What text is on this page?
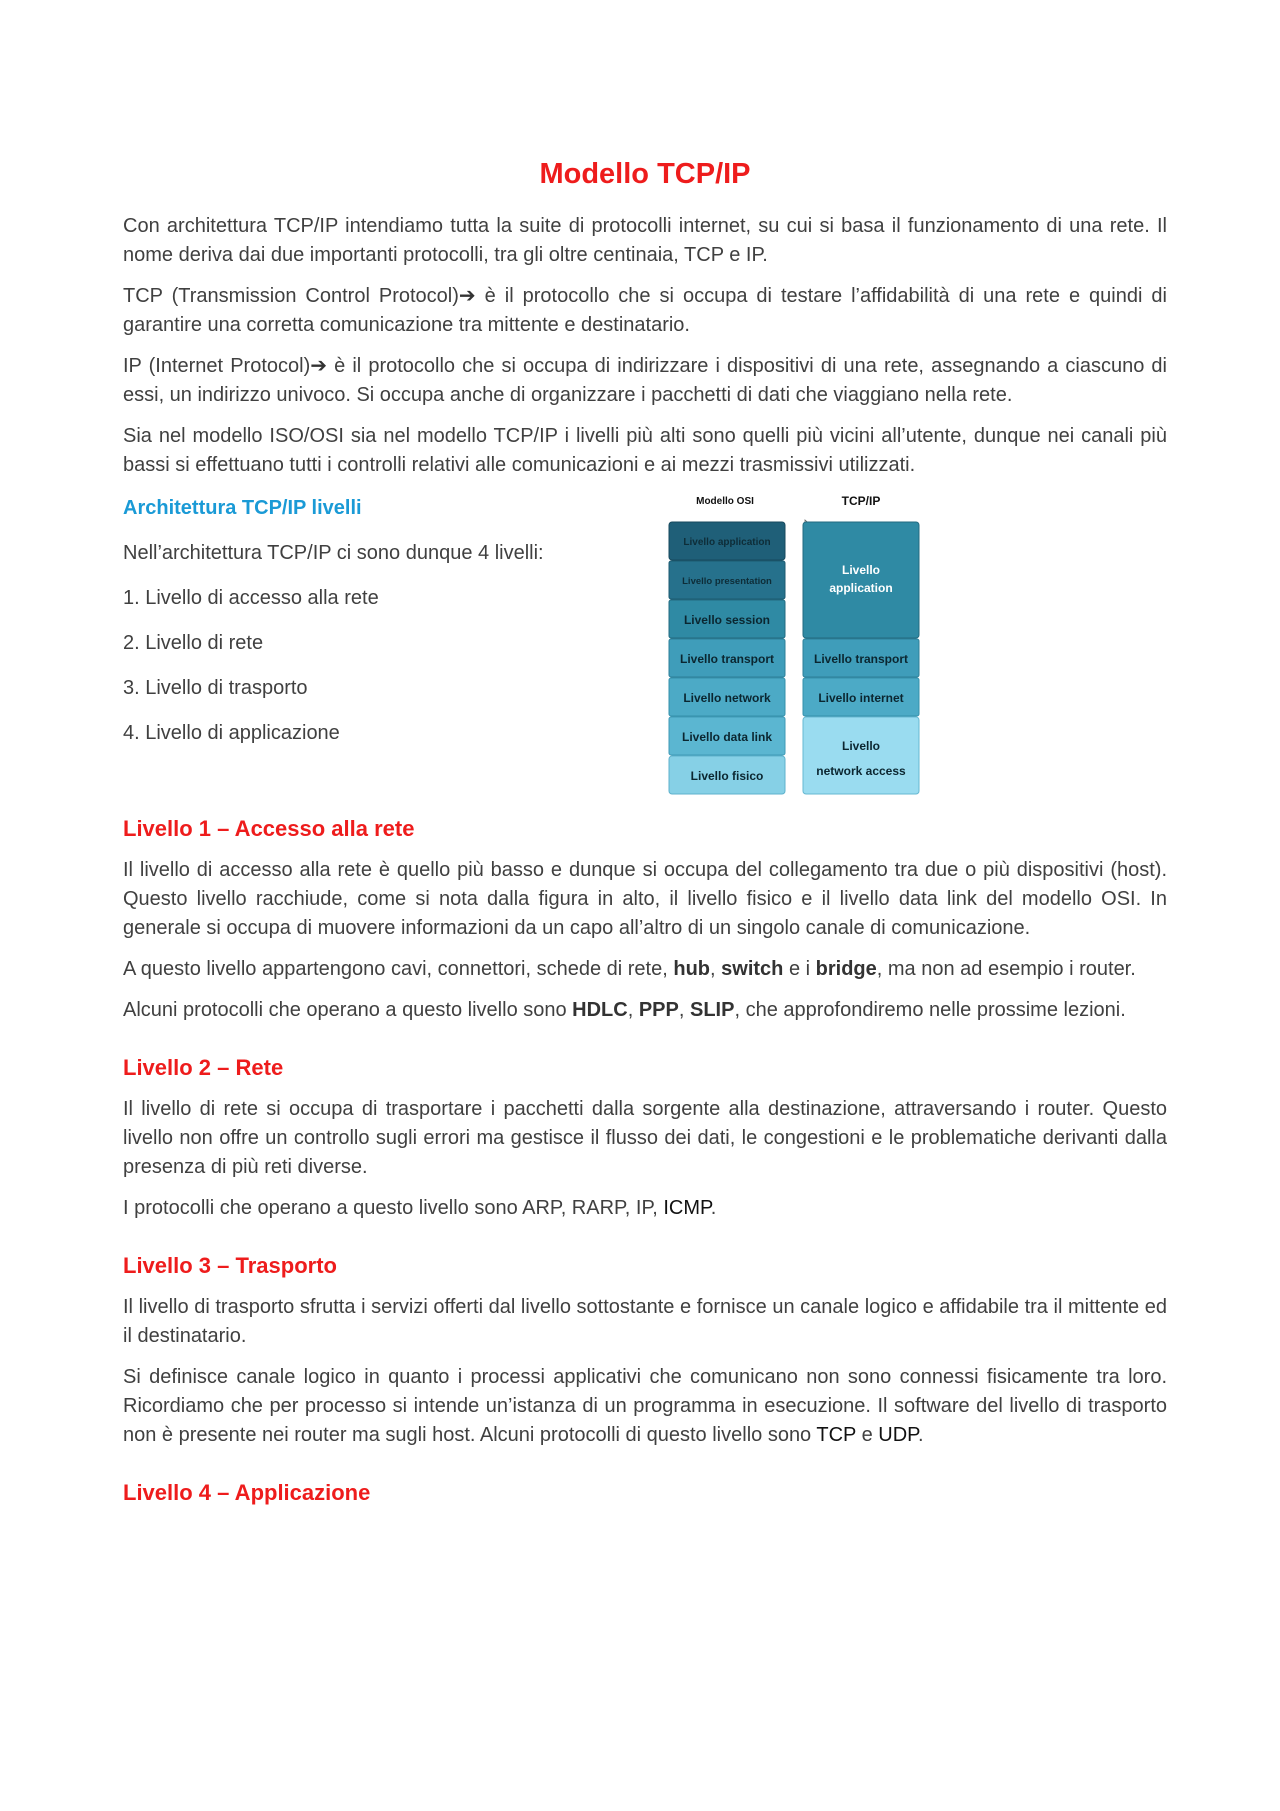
Modello TCP/IP

Con architettura TCP/IP intendiamo tutta la suite di protocolli internet, su cui si basa il funzionamento di una rete. Il nome deriva dai due importanti protocolli, tra gli oltre centinaia, TCP e IP.

TCP (Transmission Control Protocol)➔ è il protocollo che si occupa di testare l’affidabilità di una rete e quindi di garantire una corretta comunicazione tra mittente e destinatario.

IP (Internet Protocol)➔ è il protocollo che si occupa di indirizzare i dispositivi di una rete, assegnando a ciascuno di essi, un indirizzo univoco. Si occupa anche di organizzare i pacchetti di dati che viaggiano nella rete.

Sia nel modello ISO/OSI sia nel modello TCP/IP i livelli più alti sono quelli più vicini all’utente, dunque nei canali più bassi si effettuano tutti i controlli relativi alle comunicazioni e ai mezzi trasmissivi utilizzati.

Architettura TCP/IP livelli

Nell’architettura TCP/IP ci sono dunque 4 livelli:

1. Livello di accesso alla rete

2. Livello di rete

3. Livello di trasporto

4. Livello di applicazione

Modello OSI	TCP/IP
Livello application
Livello presentation
Livello session
Livello transport
Livello network
Livello data link
Livello fisico
Livello
application
Livello transport
Livello internet
Livello
network access
Livello 1 – Accesso alla rete

Il livello di accesso alla rete è quello più basso e dunque si occupa del collegamento tra due o più dispositivi (host). Questo livello racchiude, come si nota dalla figura in alto, il livello fisico e il livello data link del modello OSI. In generale si occupa di muovere informazioni da un capo all’altro di un singolo canale di comunicazione.

A questo livello appartengono cavi, connettori, schede di rete, hub, switch e i bridge, ma non ad esempio i router.

Alcuni protocolli che operano a questo livello sono HDLC, PPP, SLIP, che approfondiremo nelle prossime lezioni.

Livello 2 – Rete

Il livello di rete si occupa di trasportare i pacchetti dalla sorgente alla destinazione, attraversando i router. Questo livello non offre un controllo sugli errori ma gestisce il flusso dei dati, le congestioni e le problematiche derivanti dalla presenza di più reti diverse.

I protocolli che operano a questo livello sono ARP, RARP, IP, ICMP.

Livello 3 – Trasporto

Il livello di trasporto sfrutta i servizi offerti dal livello sottostante e fornisce un canale logico e affidabile tra il mittente ed il destinatario.

Si definisce canale logico in quanto i processi applicativi che comunicano non sono connessi fisicamente tra loro. Ricordiamo che per processo si intende un’istanza di un programma in esecuzione. Il software del livello di trasporto non è presente nei router ma sugli host. Alcuni protocolli di questo livello sono TCP e UDP.

Livello 4 – Applicazione
